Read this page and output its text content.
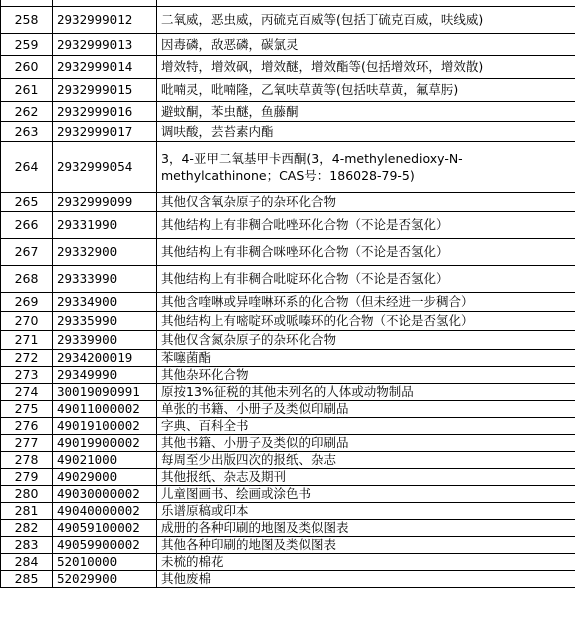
258	2932999012	二氧威，恶虫威，丙硫克百威等(包括丁硫克百威，呋线威)
259	2932999013	因毒磷，敌恶磷，碳氯灵
260	2932999014	增效特，增效砜，增效醚，增效酯等(包括增效环，增效散)
261	2932999015	吡喃灵，吡喃隆，乙氧呋草黄等(包括呋草黄，氟草肟)
262	2932999016	避蚊酮，苯虫醚，鱼藤酮
263	2932999017	调呋酸，芸苔素内酯
264	2932999054	3，4-亚甲二氧基甲卡西酮(3，4-methylenedioxy-N-methylcathinone；CAS号：186028-79-5)
265	2932999099	其他仅含氧杂原子的杂环化合物
266	29331990	其他结构上有非稠合吡唑环化合物（不论是否氢化）
267	29332900	其他结构上有非稠合咪唑环化合物（不论是否氢化）
268	29333990	其他结构上有非稠合吡啶环化合物（不论是否氢化）
269	29334900	其他含喹啉或异喹啉环系的化合物（但未经进一步稠合）
270	29335990	其他结构上有嘧啶环或哌嗪环的化合物（不论是否氢化）
271	29339900	其他仅含氮杂原子的杂环化合物
272	2934200019	苯噻菌酯
273	29349990	其他杂环化合物
274	30019090991	原按13%征税的其他未列名的人体或动物制品
275	49011000002	单张的书籍、小册子及类似印刷品
276	49019100002	字典、百科全书
277	49019900002	其他书籍、小册子及类似的印刷品
278	49021000	每周至少出版四次的报纸、杂志
279	49029000	其他报纸、杂志及期刊
280	49030000002	儿童图画书、绘画或涂色书
281	49040000002	乐谱原稿或印本
282	49059100002	成册的各种印刷的地图及类似图表
283	49059900002	其他各种印刷的地图及类似图表
284	52010000	未梳的棉花
285	52029900	其他废棉
